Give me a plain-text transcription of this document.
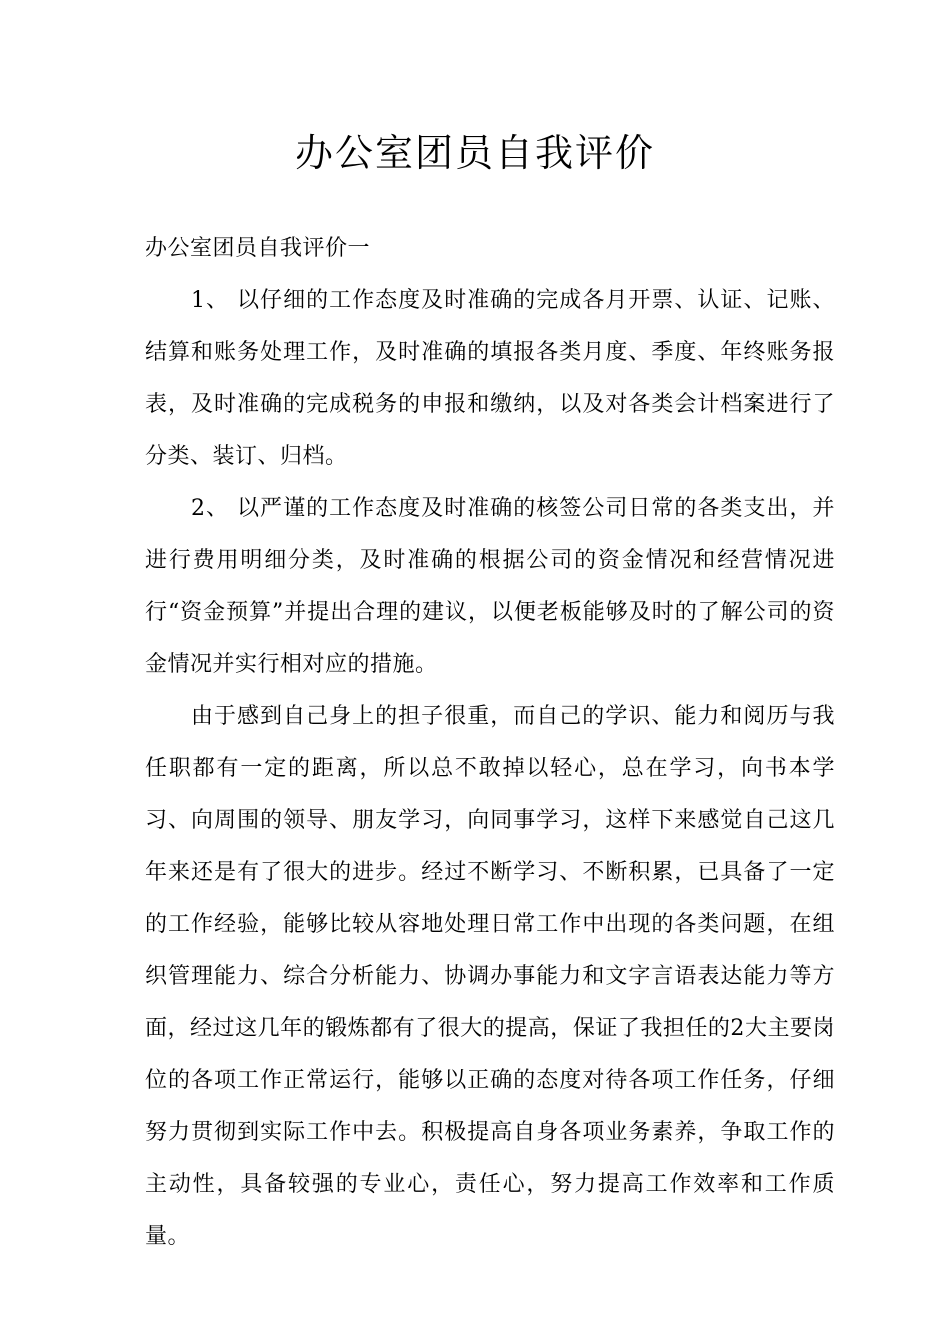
办公室团员自我评价

办公室团员自我评价一

1、 以仔细的工作态度及时准确的完成各月开票、认证、记账、结算和账务处理工作，及时准确的填报各类月度、季度、年终账务报表，及时准确的完成税务的申报和缴纳，以及对各类会计档案进行了分类、装订、归档。

2、 以严谨的工作态度及时准确的核签公司日常的各类支出，并进行费用明细分类，及时准确的根据公司的资金情况和经营情况进行“资金预算”并提出合理的建议，以便老板能够及时的了解公司的资金情况并实行相对应的措施。

由于感到自己身上的担子很重，而自己的学识、能力和阅历与我任职都有一定的距离，所以总不敢掉以轻心，总在学习，向书本学习、向周围的领导、朋友学习，向同事学习，这样下来感觉自己这几年来还是有了很大的进步。经过不断学习、不断积累，已具备了一定的工作经验，能够比较从容地处理日常工作中出现的各类问题，在组织管理能力、综合分析能力、协调办事能力和文字言语表达能力等方面，经过这几年的锻炼都有了很大的提高，保证了我担任的2大主要岗位的各项工作正常运行，能够以正确的态度对待各项工作任务，仔细努力贯彻到实际工作中去。积极提高自身各项业务素养，争取工作的主动性，具备较强的专业心，责任心，努力提高工作效率和工作质量。
